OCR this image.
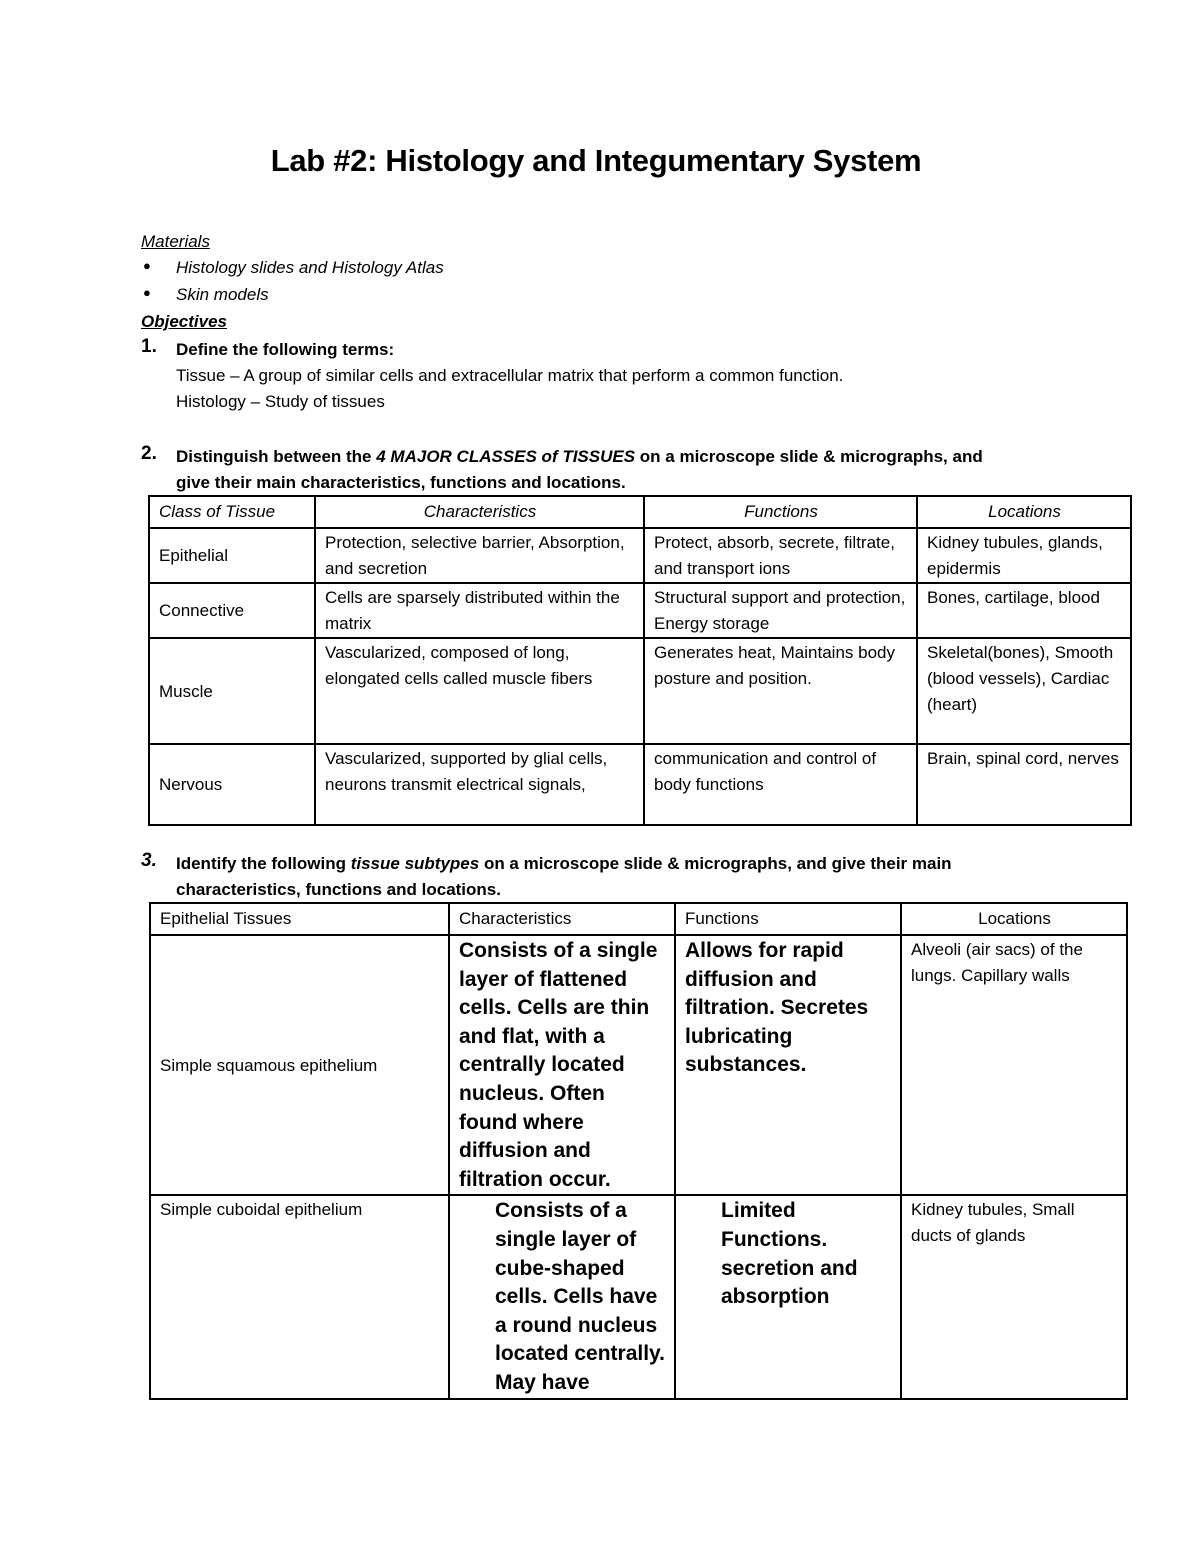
Lab #2: Histology and Integumentary System
Materials
● Histology slides and Histology Atlas
● Skin models
Objectives
1. Define the following terms:
Tissue – A group of similar cells and extracellular matrix that perform a common function.
Histology – Study of tissues
2. Distinguish between the 4 MAJOR CLASSES of TISSUES on a microscope slide & micrographs, and
give their main characteristics, functions and locations.
Class of Tissue	Characteristics	Functions	Locations
Epithelial	Protection, selective barrier, Absorption, and secretion	Protect, absorb, secrete, filtrate, and transport ions	Kidney tubules, glands, epidermis
Connective	Cells are sparsely distributed within the matrix	Structural support and protection, Energy storage	Bones, cartilage, blood
Muscle	Vascularized, composed of long, elongated cells called muscle fibers	Generates heat, Maintains body posture and position.	Skeletal(bones), Smooth (blood vessels), Cardiac (heart)
Nervous	Vascularized, supported by glial cells, neurons transmit electrical signals,	communication and control of body functions	Brain, spinal cord, nerves
3. Identify the following tissue subtypes on a microscope slide & micrographs, and give their main
characteristics, functions and locations.
Epithelial Tissues	Characteristics	Functions	Locations
Simple squamous epithelium	Consists of a single layer of flattened cells. Cells are thin and flat, with a centrally located nucleus. Often found where diffusion and filtration occur.	Allows for rapid diffusion and filtration. Secretes lubricating substances.	Alveoli (air sacs) of the lungs. Capillary walls
Simple cuboidal epithelium	Consists of a single layer of cube-shaped cells. Cells have a round nucleus located centrally. May have	Limited Functions. secretion and absorption	Kidney tubules, Small ducts of glands
